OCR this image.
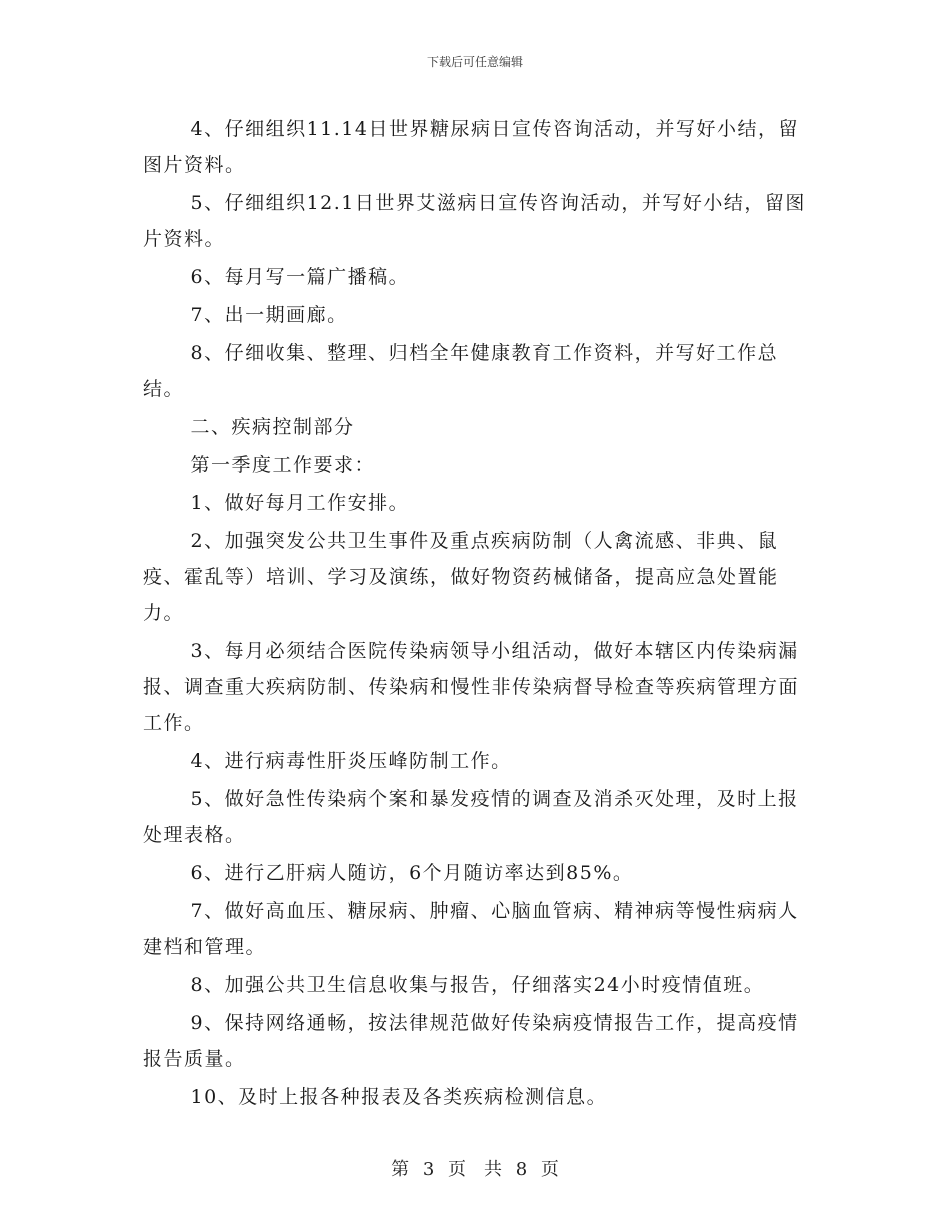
下载后可任意编辑

4、仔细组织11.14日世界糖尿病日宣传咨询活动，并写好小结，留图片资料。

5、仔细组织12.1日世界艾滋病日宣传咨询活动，并写好小结，留图片资料。

6、每月写一篇广播稿。

7、出一期画廊。

8、仔细收集、整理、归档全年健康教育工作资料，并写好工作总结。

二、疾病控制部分

第一季度工作要求：

1、做好每月工作安排。

2、加强突发公共卫生事件及重点疾病防制（人禽流感、非典、鼠疫、霍乱等）培训、学习及演练，做好物资药械储备，提高应急处置能力。

3、每月必须结合医院传染病领导小组活动，做好本辖区内传染病漏报、调查重大疾病防制、传染病和慢性非传染病督导检查等疾病管理方面工作。

4、进行病毒性肝炎压峰防制工作。

5、做好急性传染病个案和暴发疫情的调查及消杀灭处理，及时上报处理表格。

6、进行乙肝病人随访，6个月随访率达到85%。

7、做好高血压、糖尿病、肿瘤、心脑血管病、精神病等慢性病病人　建档和管理。

8、加强公共卫生信息收集与报告，仔细落实24小时疫情值班。

9、保持网络通畅，按法律规范做好传染病疫情报告工作，提高疫情报告质量。

10、及时上报各种报表及各类疾病检测信息。

第 3 页　共 8 页
